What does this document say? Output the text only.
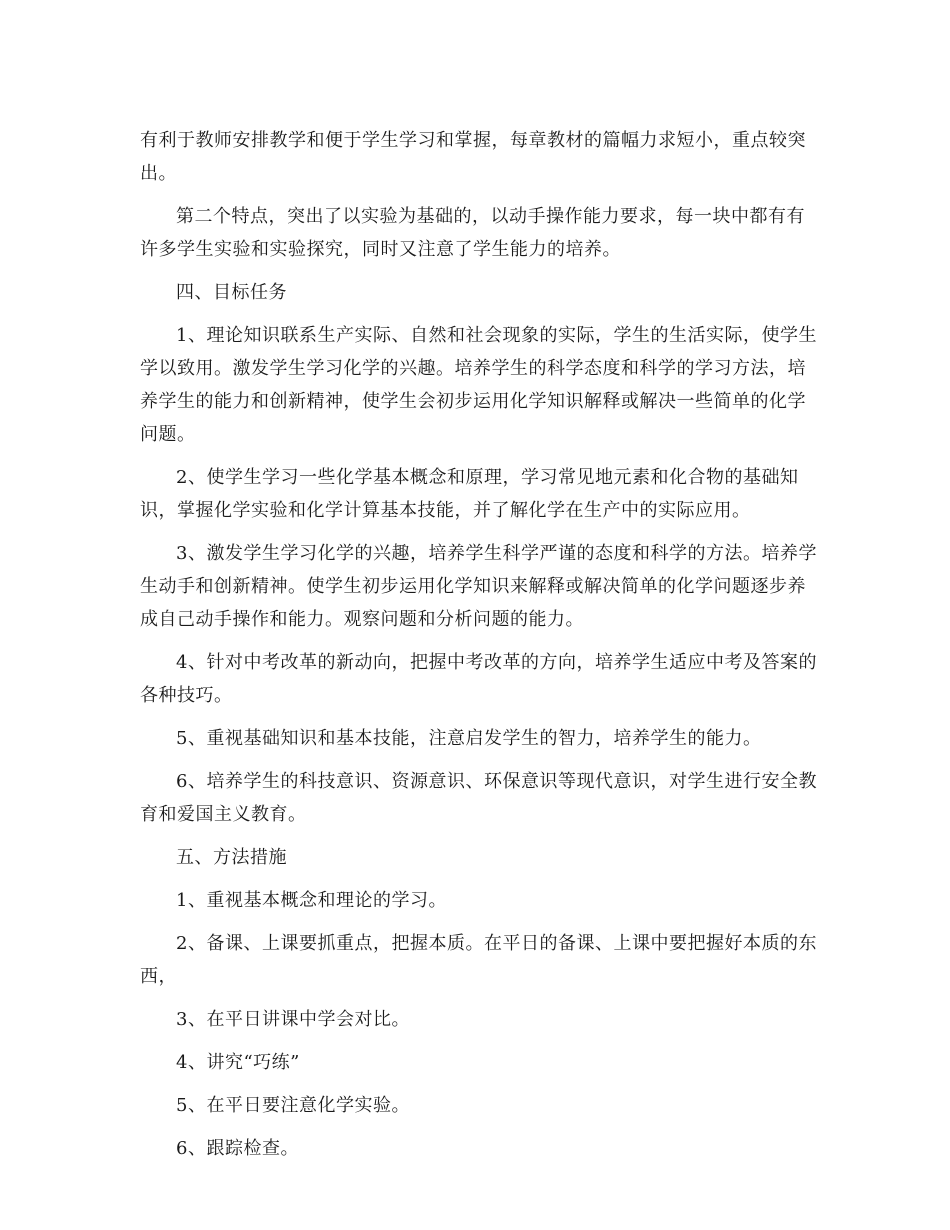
有利于教师安排教学和便于学生学习和掌握，每章教材的篇幅力求短小，重点较突出。

第二个特点，突出了以实验为基础的，以动手操作能力要求，每一块中都有有许多学生实验和实验探究，同时又注意了学生能力的培养。

四、目标任务

1、理论知识联系生产实际、自然和社会现象的实际，学生的生活实际，使学生学以致用。激发学生学习化学的兴趣。培养学生的科学态度和科学的学习方法，培养学生的能力和创新精神，使学生会初步运用化学知识解释或解决一些简单的化学问题。

2、使学生学习一些化学基本概念和原理，学习常见地元素和化合物的基础知识，掌握化学实验和化学计算基本技能，并了解化学在生产中的实际应用。

3、激发学生学习化学的兴趣，培养学生科学严谨的态度和科学的方法。培养学生动手和创新精神。使学生初步运用化学知识来解释或解决简单的化学问题逐步养成自己动手操作和能力。观察问题和分析问题的能力。

4、针对中考改革的新动向，把握中考改革的方向，培养学生适应中考及答案的各种技巧。

5、重视基础知识和基本技能，注意启发学生的智力，培养学生的能力。

6、培养学生的科技意识、资源意识、环保意识等现代意识，对学生进行安全教育和爱国主义教育。

五、方法措施

1、重视基本概念和理论的学习。

2、备课、上课要抓重点，把握本质。在平日的备课、上课中要把握好本质的东西，

3、在平日讲课中学会对比。

4、讲究“巧练”

5、在平日要注意化学实验。

6、跟踪检查。
